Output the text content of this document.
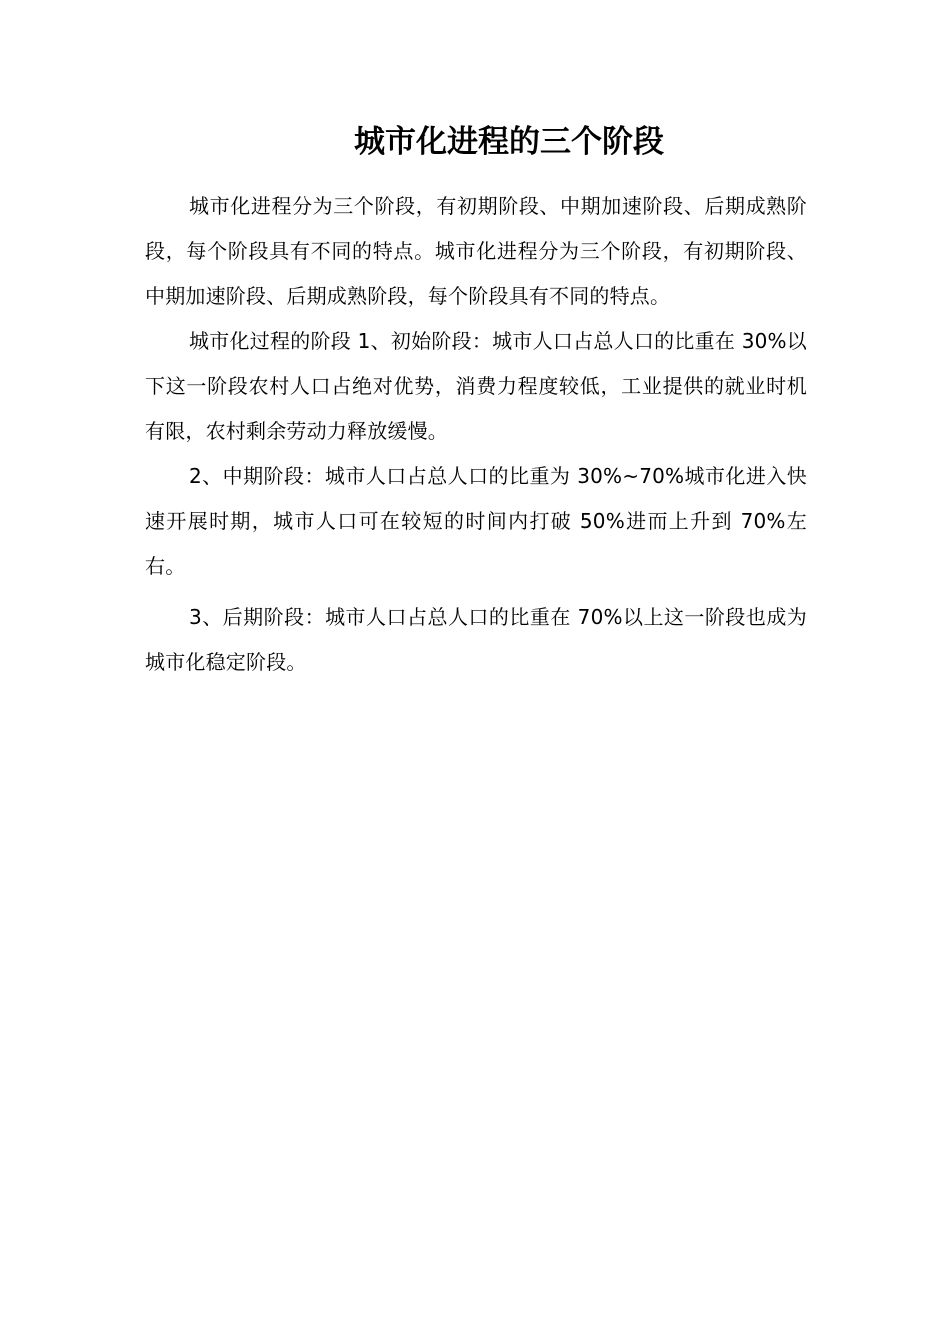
城市化进程的三个阶段

城市化进程分为三个阶段，有初期阶段、中期加速阶段、后期成熟阶段，每个阶段具有不同的特点。城市化进程分为三个阶段，有初期阶段、中期加速阶段、后期成熟阶段，每个阶段具有不同的特点。

城市化过程的阶段 1、初始阶段：城市人口占总人口的比重在 30%以下这一阶段农村人口占绝对优势，消费力程度较低，工业提供的就业时机有限，农村剩余劳动力释放缓慢。

2、中期阶段：城市人口占总人口的比重为 30%~70%城市化进入快速开展时期，城市人口可在较短的时间内打破 50%进而上升到 70%左右。

3、后期阶段：城市人口占总人口的比重在 70%以上这一阶段也成为城市化稳定阶段。
